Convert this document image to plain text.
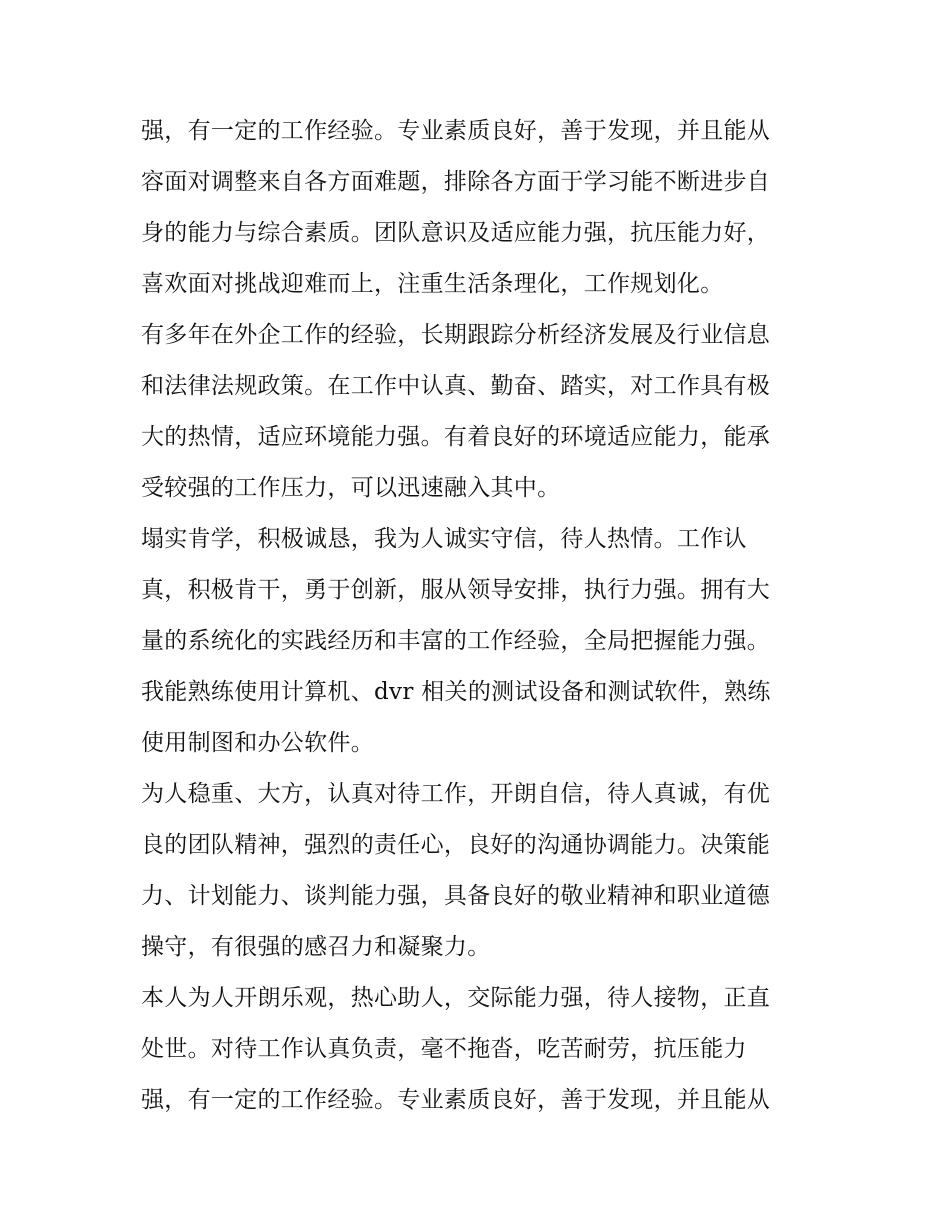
强，有一定的工作经验。专业素质良好，善于发现，并且能从
容面对调整来自各方面难题，排除各方面于学习能不断进步自
身的能力与综合素质。团队意识及适应能力强，抗压能力好，
喜欢面对挑战迎难而上，注重生活条理化，工作规划化。
有多年在外企工作的经验，长期跟踪分析经济发展及行业信息
和法律法规政策。在工作中认真、勤奋、踏实，对工作具有极
大的热情，适应环境能力强。有着良好的环境适应能力，能承
受较强的工作压力，可以迅速融入其中。
塌实肯学，积极诚恳，我为人诚实守信，待人热情。工作认
真，积极肯干，勇于创新，服从领导安排，执行力强。拥有大
量的系统化的实践经历和丰富的工作经验，全局把握能力强。
我能熟练使用计算机、dvr 相关的测试设备和测试软件，熟练
使用制图和办公软件。
为人稳重、大方，认真对待工作，开朗自信，待人真诚，有优
良的团队精神，强烈的责任心，良好的沟通协调能力。决策能
力、计划能力、谈判能力强，具备良好的敬业精神和职业道德
操守，有很强的感召力和凝聚力。
本人为人开朗乐观，热心助人，交际能力强，待人接物，正直
处世。对待工作认真负责，毫不拖沓，吃苦耐劳，抗压能力
强，有一定的工作经验。专业素质良好，善于发现，并且能从
